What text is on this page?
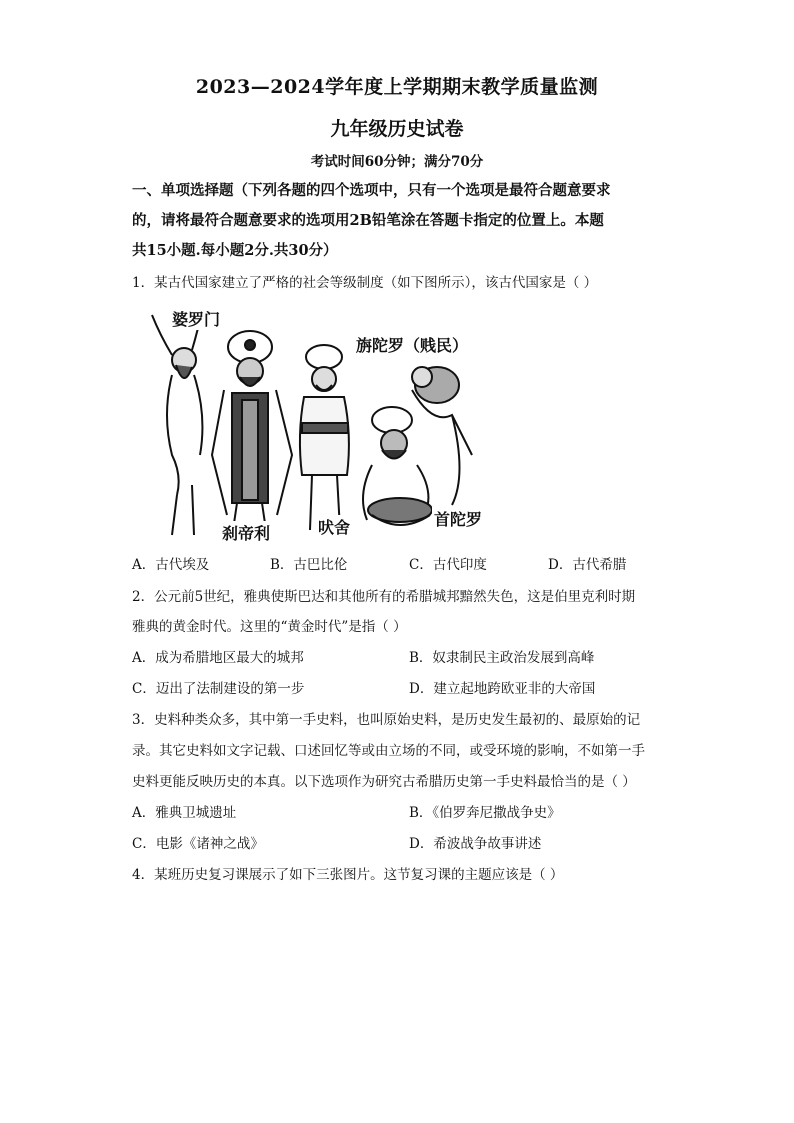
2023—2024学年度上学期期末教学质量监测
九年级历史试卷
考试时间60分钟；满分70分
一、单项选择题（下列各题的四个选项中，只有一个选项是最符合题意要求
的，请将最符合题意要求的选项用2B铅笔涂在答题卡指定的位置上。本题
共15小题.每小题2分.共30分）
1．某古代国家建立了严格的社会等级制度（如下图所示），该古代国家是（ ）
婆罗门
旃陀罗（贱民）
刹帝利	吠舍	首陀罗
A．古代埃及	B．古巴比伦	C．古代印度	D．古代希腊
2．公元前5世纪，雅典使斯巴达和其他所有的希腊城邦黯然失色，这是伯里克利时期
雅典的黄金时代。这里的“黄金时代”是指（ ）
A．成为希腊地区最大的城邦	B．奴隶制民主政治发展到高峰
C．迈出了法制建设的第一步	D．建立起地跨欧亚非的大帝国
3．史料种类众多，其中第一手史料，也叫原始史料，是历史发生最初的、最原始的记
录。其它史料如文字记载、口述回忆等或由立场的不同，或受环境的影响，不如第一手
史料更能反映历史的本真。以下选项作为研究古希腊历史第一手史料最恰当的是（ ）
A．雅典卫城遗址	B．《伯罗奔尼撒战争史》
C．电影《诸神之战》	D．希波战争故事讲述
4．某班历史复习课展示了如下三张图片。这节复习课的主题应该是（ ）
